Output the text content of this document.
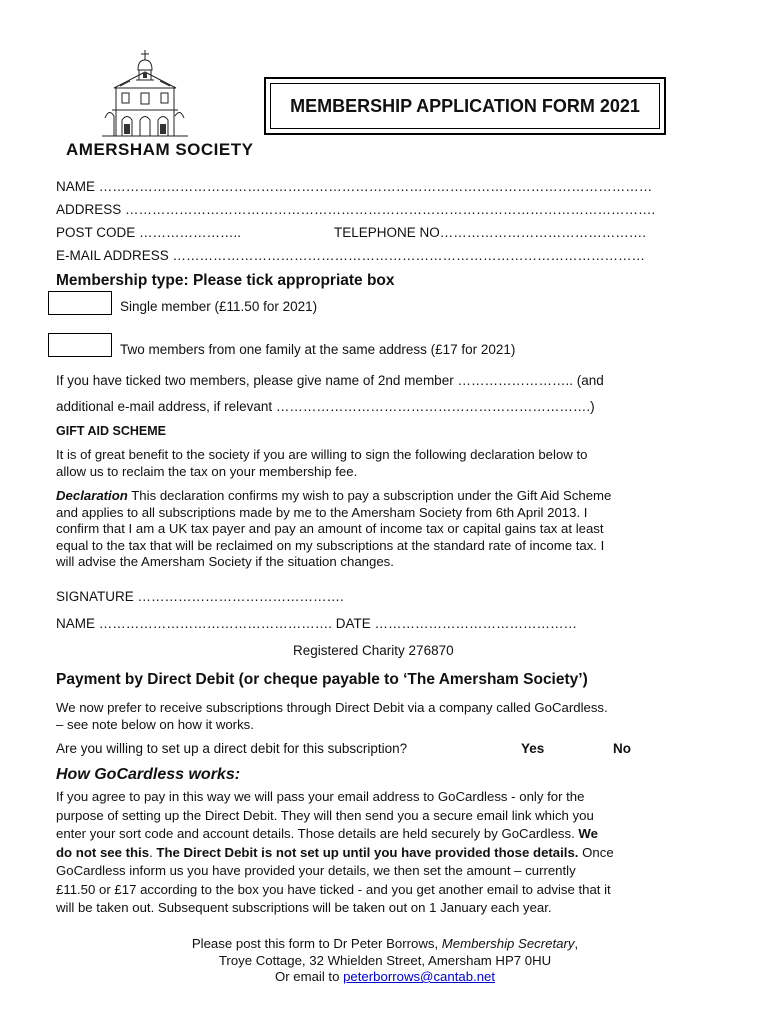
AMERSHAM SOCIETY
MEMBERSHIP APPLICATION FORM 2021
NAME ……………………………………………………………………………………………………………
ADDRESS ……………………………………………………………………………………………………….
POST CODE …………………..	TELEPHONE NO……………………………………….
E-MAIL ADDRESS ……………………………………………………………………………………………
Membership type: Please tick appropriate box
Single member (£11.50 for 2021)
Two members from one family at the same address (£17 for 2021)
If you have ticked two members, please give name of 2nd member …………………….. (and
additional e-mail address, if relevant …………………………………………………………….)
GIFT AID SCHEME
It is of great benefit to the society if you are willing to sign the following declaration below to
allow us to reclaim the tax on your membership fee.
Declaration This declaration confirms my wish to pay a subscription under the Gift Aid Scheme
and applies to all subscriptions made by me to the Amersham Society from 6th April 2013. I
confirm that I am a UK tax payer and pay an amount of income tax or capital gains tax at least
equal to the tax that will be reclaimed on my subscriptions at the standard rate of income tax. I
will advise the Amersham Society if the situation changes.
SIGNATURE ……………………………………….
NAME ……………………………………………. DATE ………………………………………
Registered Charity 276870
Payment by Direct Debit (or cheque payable to ‘The Amersham Society’)
We now prefer to receive subscriptions through Direct Debit via a company called GoCardless.
– see note below on how it works.
Are you willing to set up a direct debit for this subscription?	Yes	No
How GoCardless works:
If you agree to pay in this way we will pass your email address to GoCardless - only for the
purpose of setting up the Direct Debit. They will then send you a secure email link which you
enter your sort code and account details. Those details are held securely by GoCardless. We
do not see this. The Direct Debit is not set up until you have provided those details. Once
GoCardless inform us you have provided your details, we then set the amount – currently
£11.50 or £17 according to the box you have ticked - and you get another email to advise that it
will be taken out. Subsequent subscriptions will be taken out on 1 January each year.
Please post this form to Dr Peter Borrows, Membership Secretary,
Troye Cottage, 32 Whielden Street, Amersham HP7 0HU
Or email to peterborrows@cantab.net
